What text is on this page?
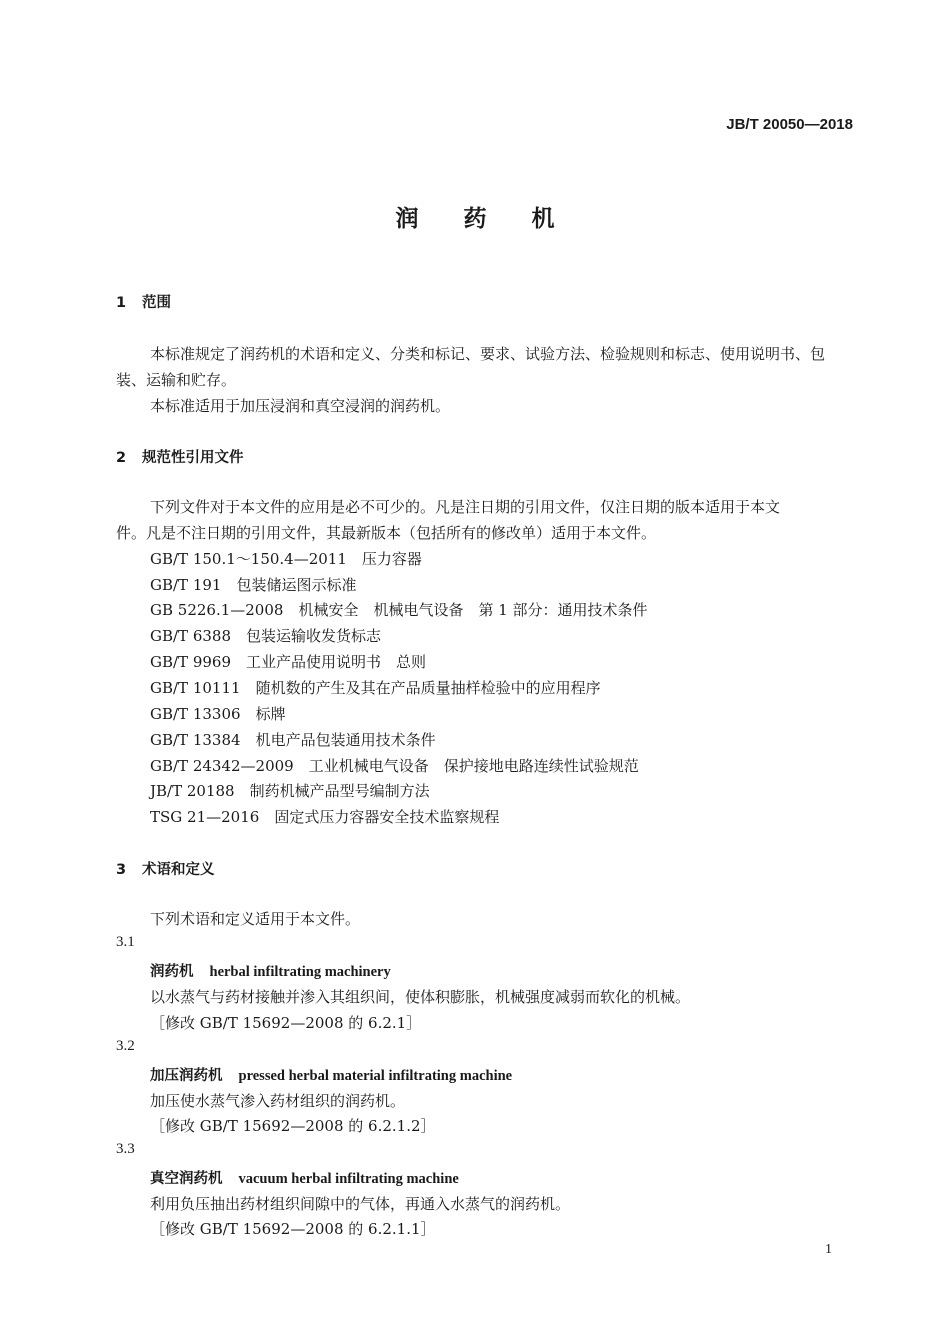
JB/T 20050—2018
润药机
1 范围
本标准规定了润药机的术语和定义、分类和标记、要求、试验方法、检验规则和标志、使用说明书、包
装、运输和贮存。
本标准适用于加压浸润和真空浸润的润药机。
2 规范性引用文件
下列文件对于本文件的应用是必不可少的。凡是注日期的引用文件，仅注日期的版本适用于本文
件。凡是不注日期的引用文件，其最新版本（包括所有的修改单）适用于本文件。
GB/T 150.1～150.4—2011　 压力容器
GB/T 191　 包装储运图示标准
GB 5226.1—2008　 机械安全　机械电气设备　第 1 部分：通用技术条件
GB/T 6388　 包装运输收发货标志
GB/T 9969　 工业产品使用说明书　总则
GB/T 10111　 随机数的产生及其在产品质量抽样检验中的应用程序
GB/T 13306　 标牌
GB/T 13384　 机电产品包装通用技术条件
GB/T 24342—2009　 工业机械电气设备　保护接地电路连续性试验规范
JB/T 20188　 制药机械产品型号编制方法
TSG 21—2016　 固定式压力容器安全技术监察规程
3 术语和定义
下列术语和定义适用于本文件。
3.1
润药机 herbal infiltrating machinery
以水蒸气与药材接触并渗入其组织间，使体积膨胀，机械强度减弱而软化的机械。
［修改 GB/T 15692—2008 的 6.2.1］
3.2
加压润药机 pressed herbal material infiltrating machine
加压使水蒸气渗入药材组织的润药机。
［修改 GB/T 15692—2008 的 6.2.1.2］
3.3
真空润药机 vacuum herbal infiltrating machine
利用负压抽出药材组织间隙中的气体，再通入水蒸气的润药机。
［修改 GB/T 15692—2008 的 6.2.1.1］
1
